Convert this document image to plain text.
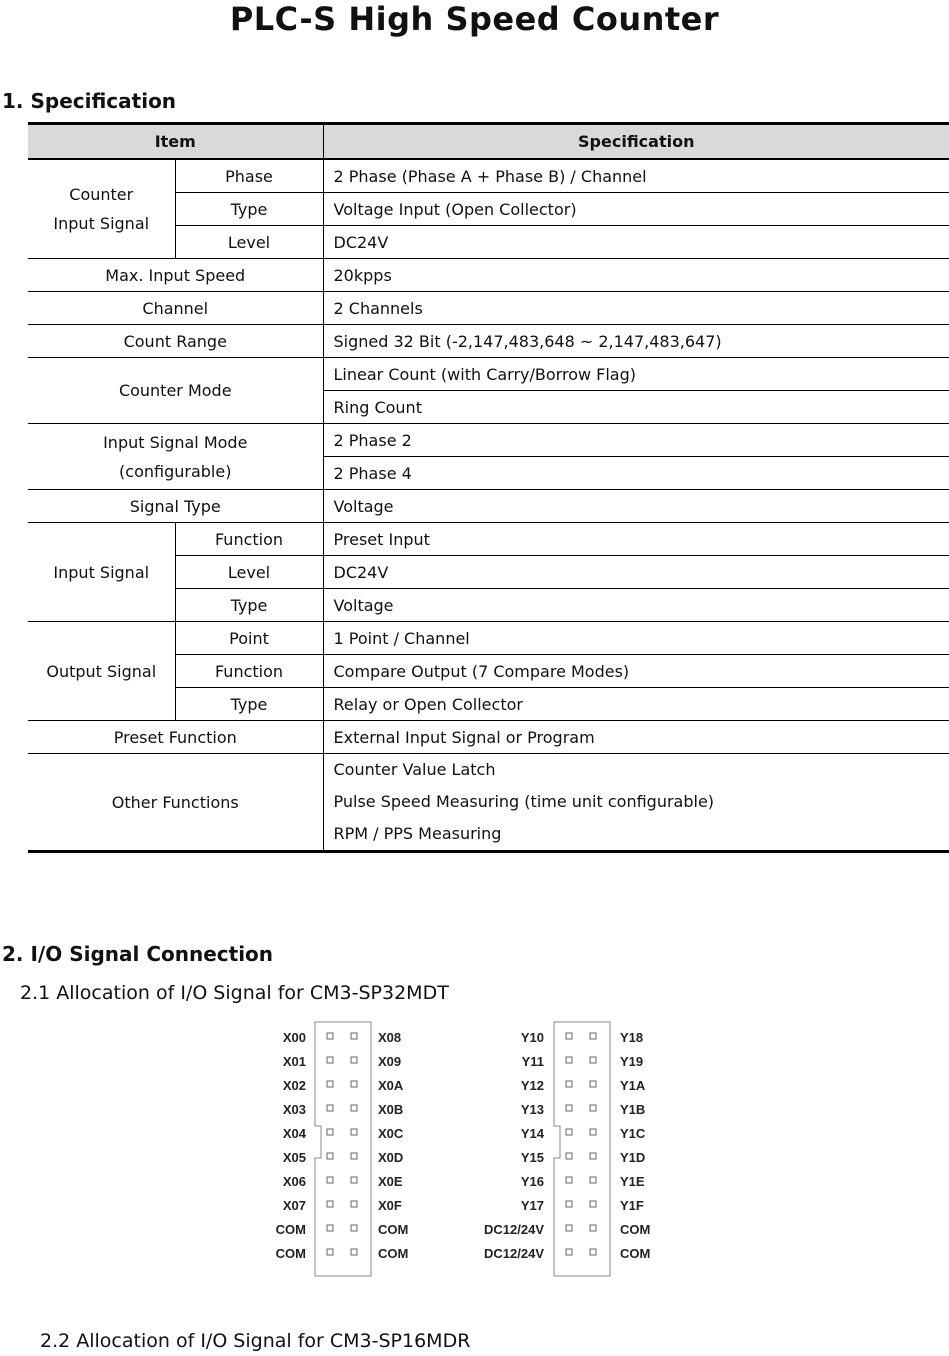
PLC-S High Speed Counter
1. Specification
Item		Specification

Counter
Input Signal	Phase	2 Phase (Phase A + Phase B) / Channel
	Type	Voltage Input (Open Collector)
	Level	DC24V
Max. Input Speed		20kpps
Channel		2 Channels
Count Range		Signed 32 Bit (-2,147,483,648 ~ 2,147,483,647)
Counter Mode		Linear Count (with Carry/Borrow Flag)
		Ring Count

Input Signal Mode
(configurable)		2 Phase 2
		2 Phase 4
Signal Type		Voltage
Input Signal	Function	Preset Input
	Level	DC24V
	Type	Voltage
Output Signal	Point	1 Point / Channel
	Function	Compare Output (7 Compare Modes)
	Type	Relay or Open Collector
Preset Function		External Input Signal or Program
Other Functions		Counter Value Latch
Pulse Speed Measuring (time unit configurable)
RPM / PPS Measuring
2. I/O Signal Connection
2.1 Allocation of I/O Signal for CM3-SP32MDT
X00	X08
X01	X09
X02	X0A
X03	X0B
X04	X0C
X05	X0D
X06	X0E
X07	X0F
COM	COM
COM	COM
Y10	Y18
Y11	Y19
Y12	Y1A
Y13	Y1B
Y14	Y1C
Y15	Y1D
Y16	Y1E
Y17	Y1F
DC12/24V	COM
DC12/24V	COM
2.2 Allocation of I/O Signal for CM3-SP16MDR
